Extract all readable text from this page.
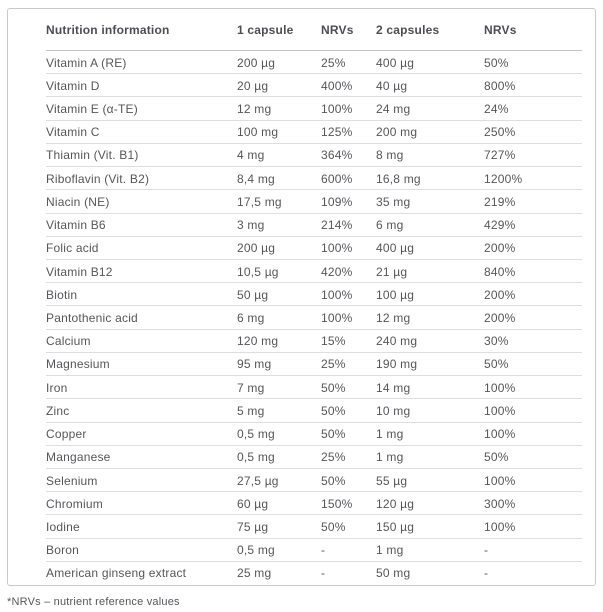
Nutrition information	1 capsule	NRVs	2 capsules	NRVs
Vitamin A (RE)	200 µg	25%	400 µg	50%
Vitamin D	20 µg	400%	40 µg	800%
Vitamin E (α-TE)	12 mg	100%	24 mg	24%
Vitamin C	100 mg	125%	200 mg	250%
Thiamin (Vit. B1)	4 mg	364%	8 mg	727%
Riboflavin (Vit. B2)	8,4 mg	600%	16,8 mg	1200%
Niacin (NE)	17,5 mg	109%	35 mg	219%
Vitamin B6	3 mg	214%	6 mg	429%
Folic acid	200 µg	100%	400 µg	200%
Vitamin B12	10,5 µg	420%	21 µg	840%
Biotin	50 µg	100%	100 µg	200%
Pantothenic acid	6 mg	100%	12 mg	200%
Calcium	120 mg	15%	240 mg	30%
Magnesium	95 mg	25%	190 mg	50%
Iron	7 mg	50%	14 mg	100%
Zinc	5 mg	50%	10 mg	100%
Copper	0,5 mg	50%	1 mg	100%
Manganese	0,5 mg	25%	1 mg	50%
Selenium	27,5 µg	50%	55 µg	100%
Chromium	60 µg	150%	120 µg	300%
Iodine	75 µg	50%	150 µg	100%
Boron	0,5 mg	-	1 mg	-
American ginseng extract	25 mg	-	50 mg	-
*NRVs – nutrient reference values
